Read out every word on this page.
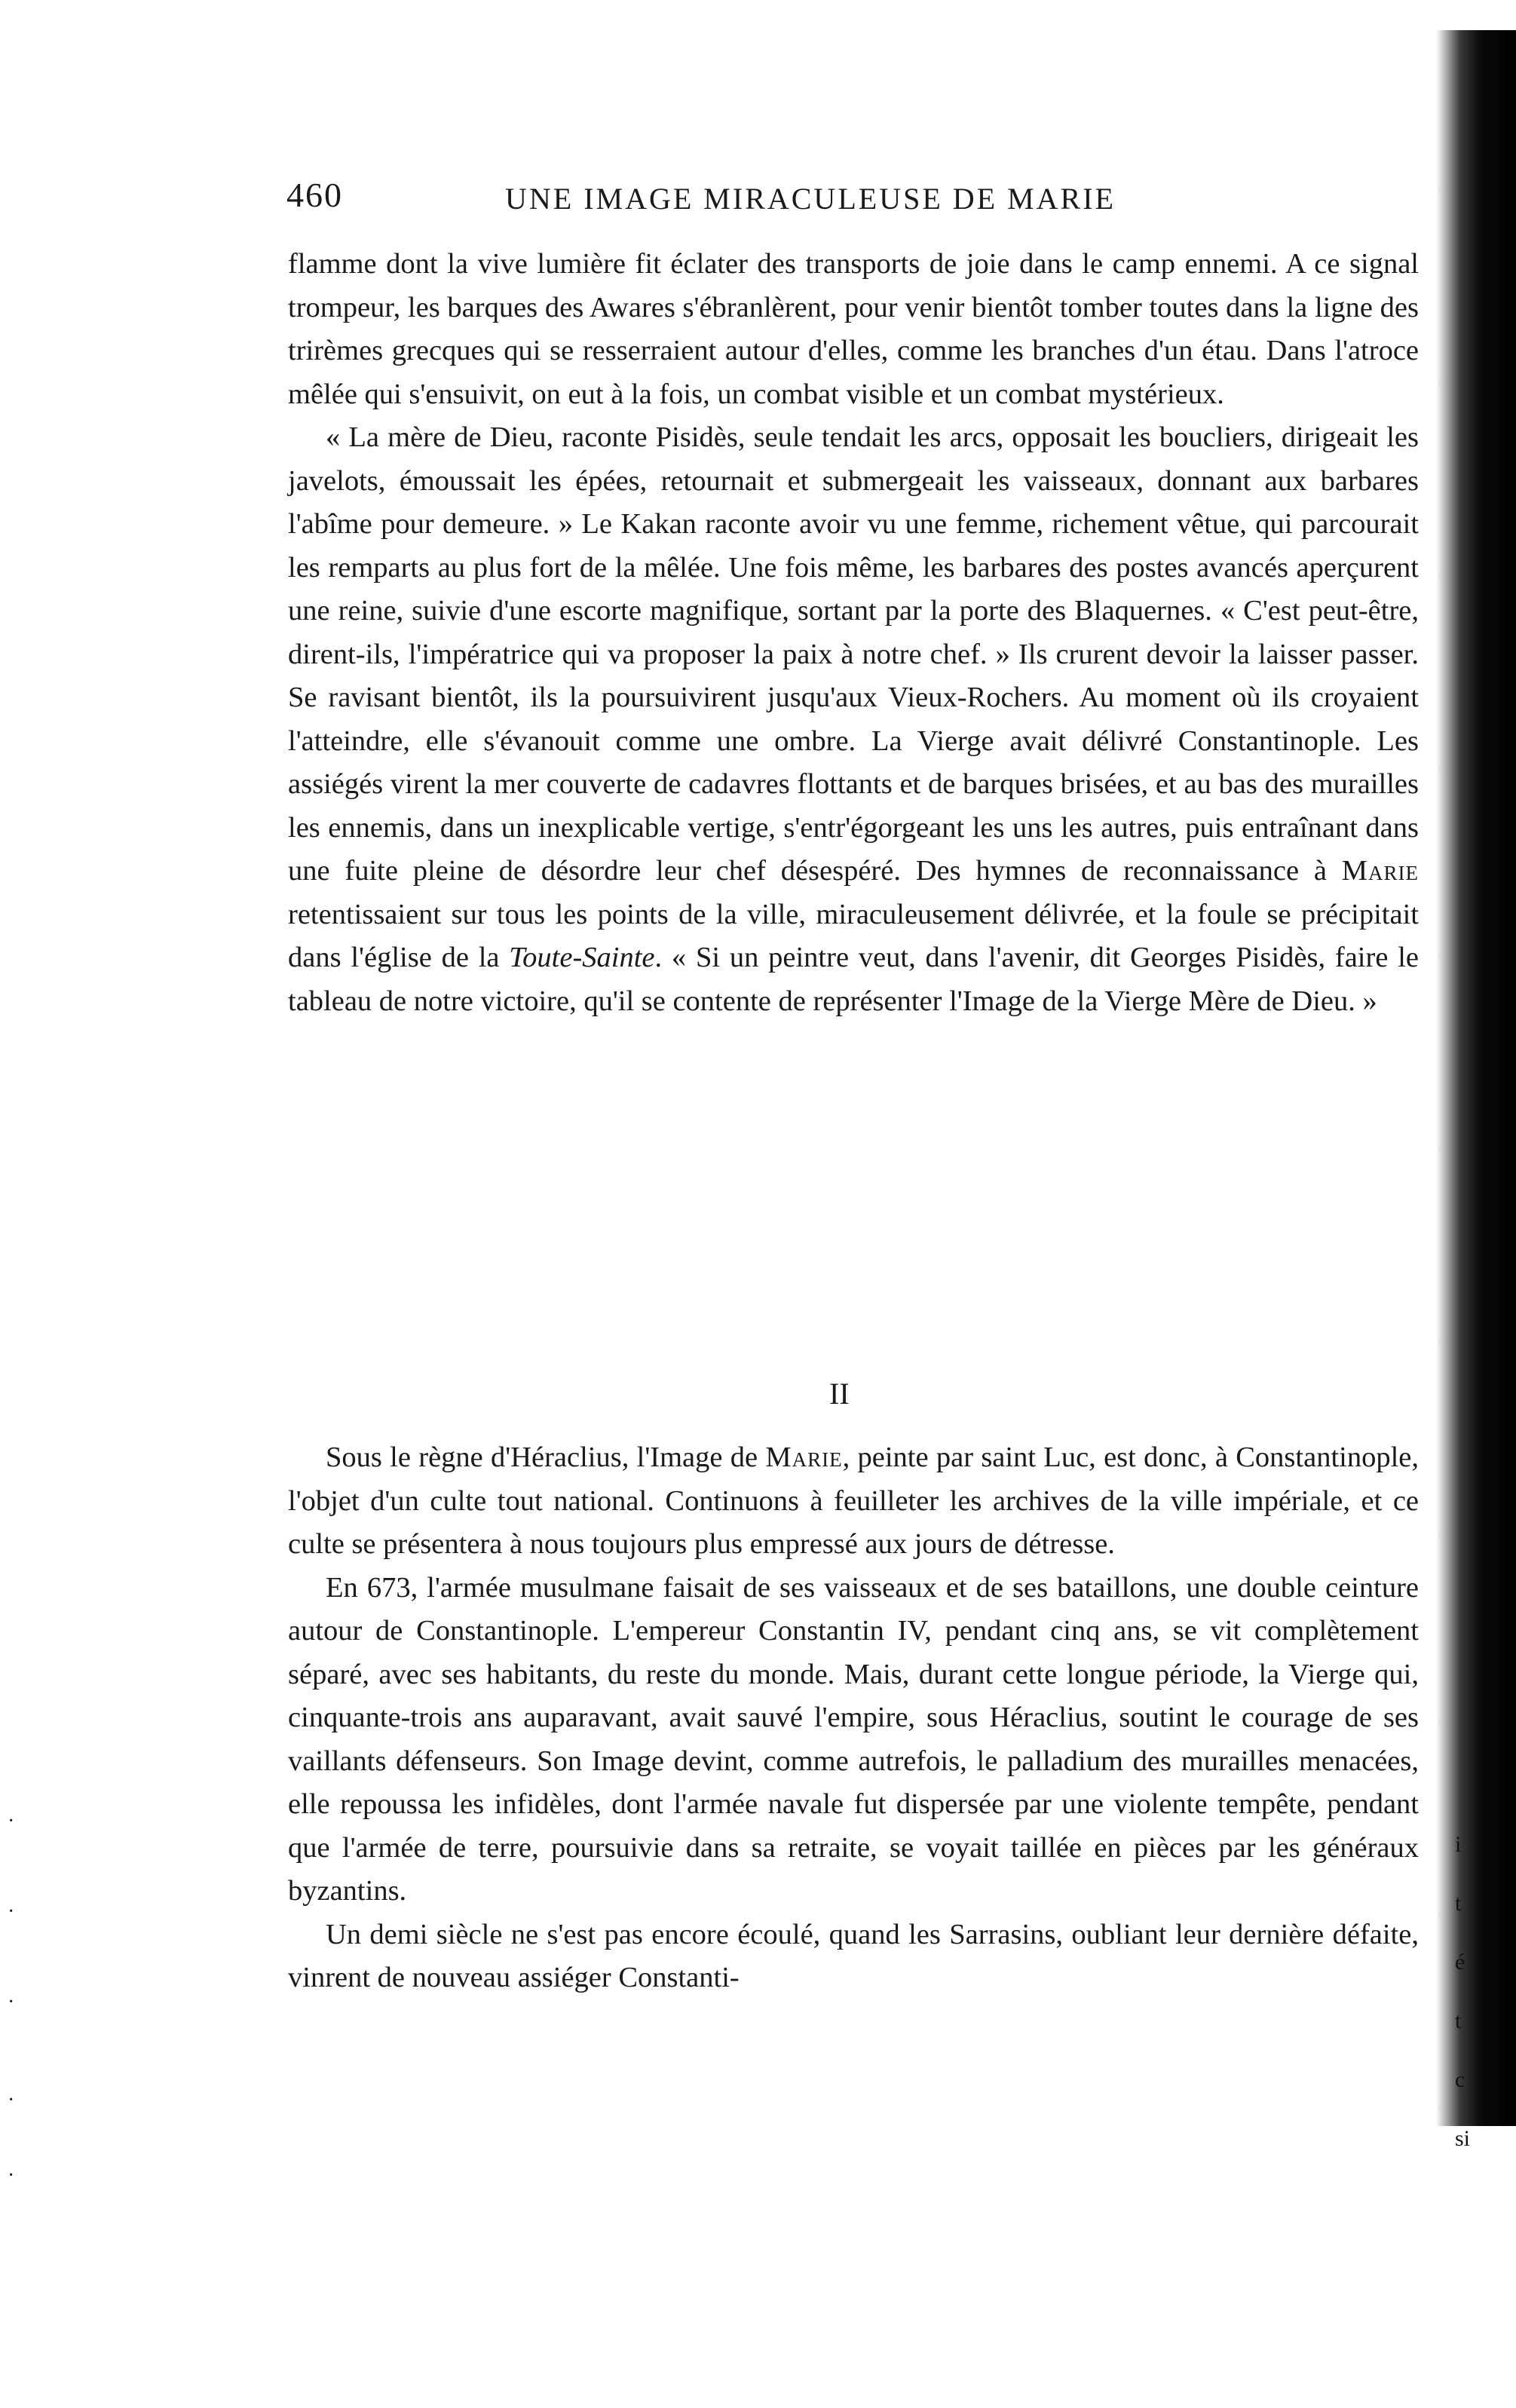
460	UNE IMAGE MIRACULEUSE DE MARIE

flamme dont la vive lumière fit éclater des transports de joie dans le camp ennemi. A ce signal trompeur, les barques des Awares s'ébranlèrent, pour venir bientôt tomber toutes dans la ligne des trirèmes grecques qui se resserraient autour d'elles, comme les branches d'un étau. Dans l'atroce mêlée qui s'ensuivit, on eut à la fois, un combat visible et un combat mystérieux.

« La mère de Dieu, raconte Pisidès, seule tendait les arcs, opposait les boucliers, dirigeait les javelots, émoussait les épées, retournait et submergeait les vaisseaux, donnant aux barbares l'abîme pour demeure. » Le Kakan raconte avoir vu une femme, richement vêtue, qui parcourait les remparts au plus fort de la mêlée. Une fois même, les barbares des postes avancés aperçurent une reine, suivie d'une escorte magnifique, sortant par la porte des Blaquernes. « C'est peut-être, dirent-ils, l'impératrice qui va proposer la paix à notre chef. » Ils crurent devoir la laisser passer. Se ravisant bientôt, ils la poursuivirent jusqu'aux Vieux-Rochers. Au moment où ils croyaient l'atteindre, elle s'évanouit comme une ombre. La Vierge avait délivré Constantinople. Les assiégés virent la mer couverte de cadavres flottants et de barques brisées, et au bas des murailles les ennemis, dans un inexplicable vertige, s'entr'égorgeant les uns les autres, puis entraînant dans une fuite pleine de désordre leur chef désespéré. Des hymnes de reconnaissance à Marie retentissaient sur tous les points de la ville, miraculeusement délivrée, et la foule se précipitait dans l'église de la Toute-Sainte. « Si un peintre veut, dans l'avenir, dit Georges Pisidès, faire le tableau de notre victoire, qu'il se contente de représenter l'Image de la Vierge Mère de Dieu. »

II

Sous le règne d'Héraclius, l'Image de Marie, peinte par saint Luc, est donc, à Constantinople, l'objet d'un culte tout national. Continuons à feuilleter les archives de la ville impériale, et ce culte se présentera à nous toujours plus empressé aux jours de détresse.

En 673, l'armée musulmane faisait de ses vaisseaux et de ses bataillons, une double ceinture autour de Constantinople. L'empereur Constantin IV, pendant cinq ans, se vit complètement séparé, avec ses habitants, du reste du monde. Mais, durant cette longue période, la Vierge qui, cinquante-trois ans auparavant, avait sauvé l'empire, sous Héraclius, soutint le courage de ses vaillants défenseurs. Son Image devint, comme autrefois, le palladium des murailles menacées, elle repoussa les infidèles, dont l'armée navale fut dispersée par une violente tempête, pendant que l'armée de terre, poursuivie dans sa retraite, se voyait taillée en pièces par les généraux byzantins.

Un demi siècle ne s'est pas encore écoulé, quand les Sarrasins, oubliant leur dernière défaite, vinrent de nouveau assiéger Constanti-

·
·
·
·
·
i
t
é
t
c
si
